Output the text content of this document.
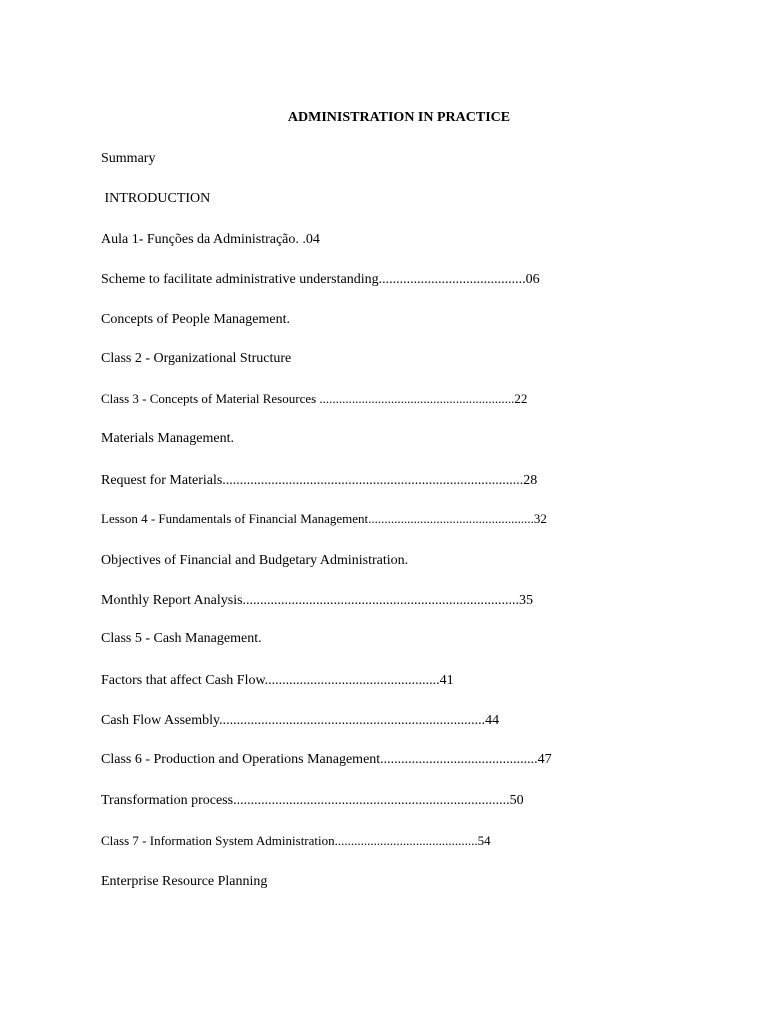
ADMINISTRATION IN PRACTICE
Summary
INTRODUCTION
Aula 1- Funções da Administração. .04
Scheme to facilitate administrative understanding..........................................06
Concepts of People Management.
Class 2 - Organizational Structure
Class 3 - Concepts of Material Resources ............................................................22
Materials Management.
Request for Materials......................................................................................28
Lesson 4 - Fundamentals of Financial Management...................................................32
Objectives of Financial and Budgetary Administration.
Monthly Report Analysis...............................................................................35
Class 5 - Cash Management.
Factors that affect Cash Flow..................................................41
Cash Flow Assembly............................................................................44
Class 6 - Production and Operations Management.............................................47
Transformation process...............................................................................50
Class 7 - Information System Administration............................................54
Enterprise Resource Planning
